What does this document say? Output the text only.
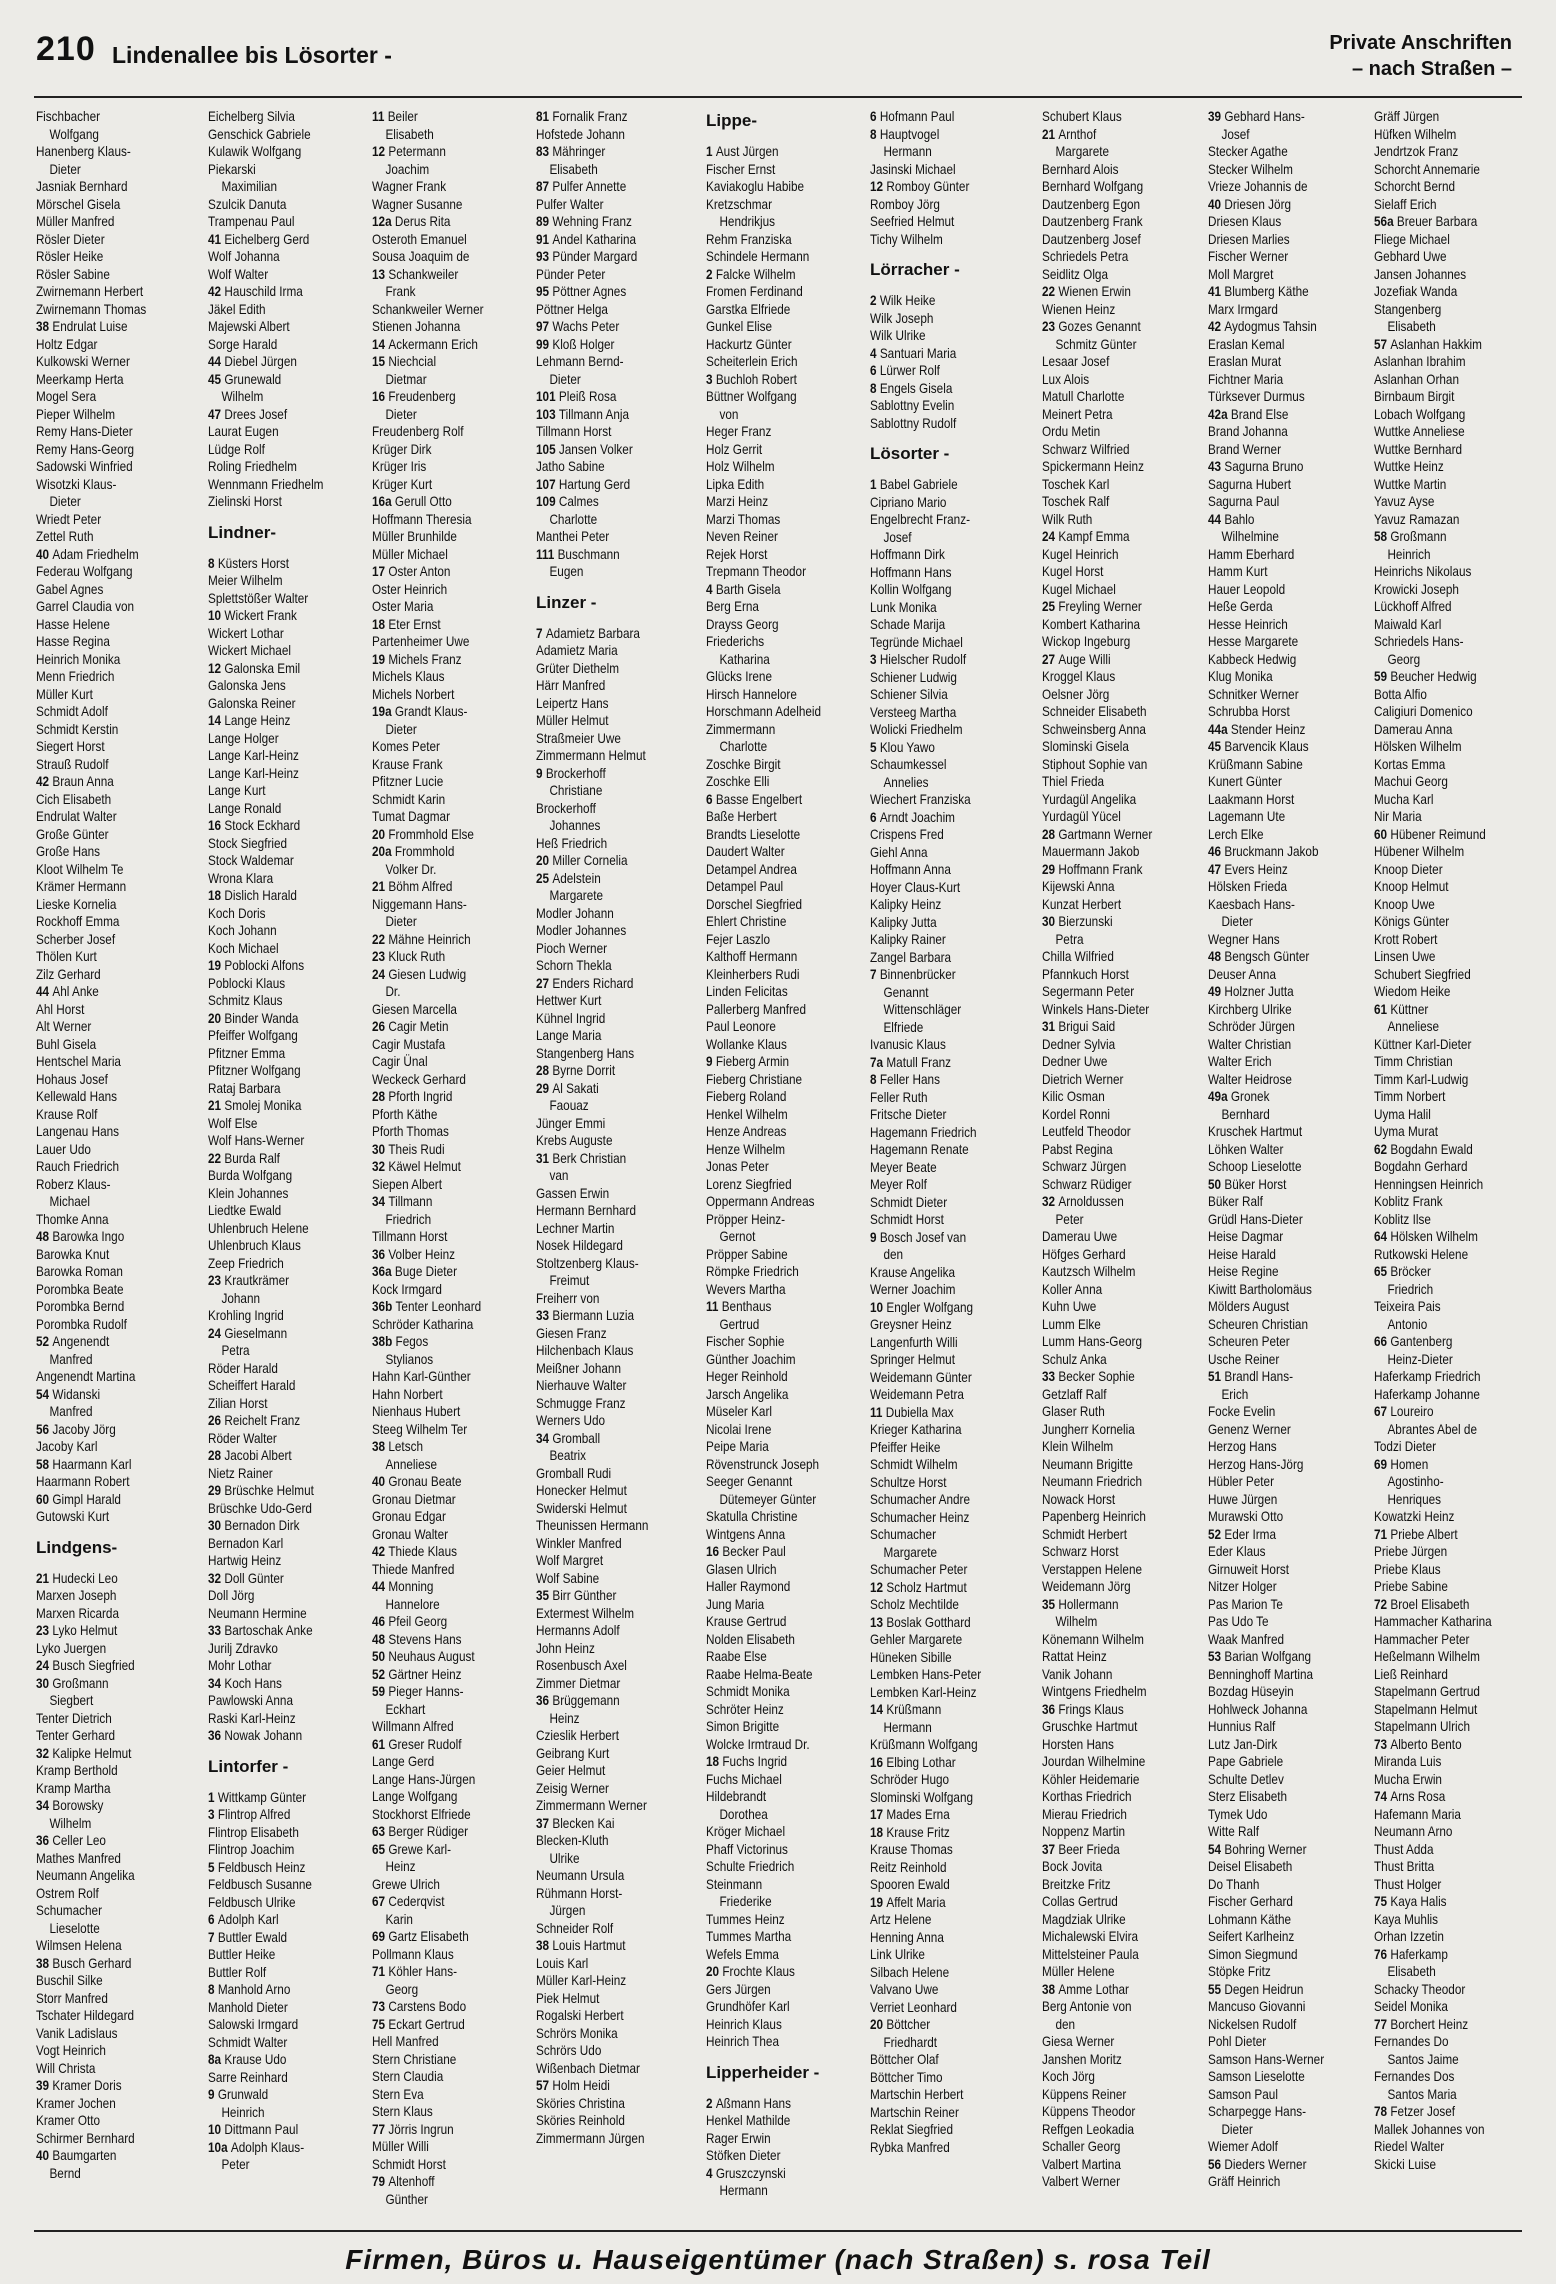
210 Lindenallee bis Lösorter -	Private Anschriften
– nach Straßen –
Fischbacher
Wolfgang
Hanenberg Klaus-
Dieter
Jasniak Bernhard
Mörschel Gisela
Müller Manfred
Rösler Dieter
Rösler Heike
Rösler Sabine
Zwirnemann Herbert
Zwirnemann Thomas
38 Endrulat Luise
Holtz Edgar
Kulkowski Werner
Meerkamp Herta
Mogel Sera
Pieper Wilhelm
Remy Hans-Dieter
Remy Hans-Georg
Sadowski Winfried
Wisotzki Klaus-
Dieter
Wriedt Peter
Zettel Ruth
40 Adam Friedhelm
Federau Wolfgang
Gabel Agnes
Garrel Claudia von
Hasse Helene
Hasse Regina
Heinrich Monika
Menn Friedrich
Müller Kurt
Schmidt Adolf
Schmidt Kerstin
Siegert Horst
Strauß Rudolf
42 Braun Anna
Cich Elisabeth
Endrulat Walter
Große Günter
Große Hans
Kloot Wilhelm Te
Krämer Hermann
Lieske Kornelia
Rockhoff Emma
Scherber Josef
Thölen Kurt
Zilz Gerhard
44 Ahl Anke
Ahl Horst
Alt Werner
Buhl Gisela
Hentschel Maria
Hohaus Josef
Kellewald Hans
Krause Rolf
Langenau Hans
Lauer Udo
Rauch Friedrich
Roberz Klaus-
Michael
Thomke Anna
48 Barowka Ingo
Barowka Knut
Barowka Roman
Porombka Beate
Porombka Bernd
Porombka Rudolf
52 Angenendt
Manfred
Angenendt Martina
54 Widanski
Manfred
56 Jacoby Jörg
Jacoby Karl
58 Haarmann Karl
Haarmann Robert
60 Gimpl Harald
Gutowski Kurt
Lindgens-
21 Hudecki Leo
Marxen Joseph
Marxen Ricarda
23 Lyko Helmut
Lyko Juergen
24 Busch Siegfried
30 Großmann
Siegbert
Tenter Dietrich
Tenter Gerhard
32 Kalipke Helmut
Kramp Berthold
Kramp Martha
34 Borowsky
Wilhelm
36 Celler Leo
Mathes Manfred
Neumann Angelika
Ostrem Rolf
Schumacher
Lieselotte
Wilmsen Helena
38 Busch Gerhard
Buschil Silke
Storr Manfred
Tschater Hildegard
Vanik Ladislaus
Vogt Heinrich
Will Christa
39 Kramer Doris
Kramer Jochen
Kramer Otto
Schirmer Bernhard
40 Baumgarten
Bernd
Eichelberg Silvia
Genschick Gabriele
Kulawik Wolfgang
Piekarski
Maximilian
Szulcik Danuta
Trampenau Paul
41 Eichelberg Gerd
Wolf Johanna
Wolf Walter
42 Hauschild Irma
Jäkel Edith
Majewski Albert
Sorge Harald
44 Diebel Jürgen
45 Grunewald
Wilhelm
47 Drees Josef
Laurat Eugen
Lüdge Rolf
Roling Friedhelm
Wennmann Friedhelm
Zielinski Horst
Lindner-
8 Küsters Horst
Meier Wilhelm
Splettstößer Walter
10 Wickert Frank
Wickert Lothar
Wickert Michael
12 Galonska Emil
Galonska Jens
Galonska Reiner
14 Lange Heinz
Lange Holger
Lange Karl-Heinz
Lange Karl-Heinz
Lange Kurt
Lange Ronald
16 Stock Eckhard
Stock Siegfried
Stock Waldemar
Wrona Klara
18 Dislich Harald
Koch Doris
Koch Johann
Koch Michael
19 Poblocki Alfons
Poblocki Klaus
Schmitz Klaus
20 Binder Wanda
Pfeiffer Wolfgang
Pfitzner Emma
Pfitzner Wolfgang
Rataj Barbara
21 Smolej Monika
Wolf Else
Wolf Hans-Werner
22 Burda Ralf
Burda Wolfgang
Klein Johannes
Liedtke Ewald
Uhlenbruch Helene
Uhlenbruch Klaus
Zeep Friedrich
23 Krautkrämer
Johann
Krohling Ingrid
24 Gieselmann
Petra
Röder Harald
Scheiffert Harald
Zilian Horst
26 Reichelt Franz
Röder Walter
28 Jacobi Albert
Nietz Rainer
29 Brüschke Helmut
Brüschke Udo-Gerd
30 Bernadon Dirk
Bernadon Karl
Hartwig Heinz
32 Doll Günter
Doll Jörg
Neumann Hermine
33 Bartoschak Anke
Jurilj Zdravko
Mohr Lothar
34 Koch Hans
Pawlowski Anna
Raski Karl-Heinz
36 Nowak Johann
Lintorfer -
1 Wittkamp Günter
3 Flintrop Alfred
Flintrop Elisabeth
Flintrop Joachim
5 Feldbusch Heinz
Feldbusch Susanne
Feldbusch Ulrike
6 Adolph Karl
7 Buttler Ewald
Buttler Heike
Buttler Rolf
8 Manhold Arno
Manhold Dieter
Salowski Irmgard
Schmidt Walter
8a Krause Udo
Sarre Reinhard
9 Grunwald
Heinrich
10 Dittmann Paul
10a Adolph Klaus-
Peter
11 Beiler
Elisabeth
12 Petermann
Joachim
Wagner Frank
Wagner Susanne
12a Derus Rita
Osteroth Emanuel
Sousa Joaquim de
13 Schankweiler
Frank
Schankweiler Werner
Stienen Johanna
14 Ackermann Erich
15 Niechcial
Dietmar
16 Freudenberg
Dieter
Freudenberg Rolf
Krüger Dirk
Krüger Iris
Krüger Kurt
16a Gerull Otto
Hoffmann Theresia
Müller Brunhilde
Müller Michael
17 Oster Anton
Oster Heinrich
Oster Maria
18 Eter Ernst
Partenheimer Uwe
19 Michels Franz
Michels Klaus
Michels Norbert
19a Grandt Klaus-
Dieter
Komes Peter
Krause Frank
Pfitzner Lucie
Schmidt Karin
Tumat Dagmar
20 Frommhold Else
20a Frommhold
Volker Dr.
21 Böhm Alfred
Niggemann Hans-
Dieter
22 Mähne Heinrich
23 Kluck Ruth
24 Giesen Ludwig
Dr.
Giesen Marcella
26 Cagir Metin
Cagir Mustafa
Cagir Ünal
Weckeck Gerhard
28 Pforth Ingrid
Pforth Käthe
Pforth Thomas
30 Theis Rudi
32 Käwel Helmut
Siepen Albert
34 Tillmann
Friedrich
Tillmann Horst
36 Volber Heinz
36a Buge Dieter
Kock Irmgard
36b Tenter Leonhard
Schröder Katharina
38b Fegos
Stylianos
Hahn Karl-Günther
Hahn Norbert
Nienhaus Hubert
Steeg Wilhelm Ter
38 Letsch
Anneliese
40 Gronau Beate
Gronau Dietmar
Gronau Edgar
Gronau Walter
42 Thiede Klaus
Thiede Manfred
44 Monning
Hannelore
46 Pfeil Georg
48 Stevens Hans
50 Neuhaus August
52 Gärtner Heinz
59 Pieger Hanns-
Eckhart
Willmann Alfred
61 Greser Rudolf
Lange Gerd
Lange Hans-Jürgen
Lange Wolfgang
Stockhorst Elfriede
63 Berger Rüdiger
65 Grewe Karl-
Heinz
Grewe Ulrich
67 Cederqvist
Karin
69 Gartz Elisabeth
Pollmann Klaus
71 Köhler Hans-
Georg
73 Carstens Bodo
75 Eckart Gertrud
Hell Manfred
Stern Christiane
Stern Claudia
Stern Eva
Stern Klaus
77 Jörris Ingrun
Müller Willi
Schmidt Horst
79 Altenhoff
Günther
81 Fornalik Franz
Hofstede Johann
83 Mähringer
Elisabeth
87 Pulfer Annette
Pulfer Walter
89 Wehning Franz
91 Andel Katharina
93 Pünder Margard
Pünder Peter
95 Pöttner Agnes
Pöttner Helga
97 Wachs Peter
99 Kloß Holger
Lehmann Bernd-
Dieter
101 Pleiß Rosa
103 Tillmann Anja
Tillmann Horst
105 Jansen Volker
Jatho Sabine
107 Hartung Gerd
109 Calmes
Charlotte
Manthei Peter
111 Buschmann
Eugen
Linzer -
7 Adamietz Barbara
Adamietz Maria
Grüter Diethelm
Härr Manfred
Leipertz Hans
Müller Helmut
Straßmeier Uwe
Zimmermann Helmut
9 Brockerhoff
Christiane
Brockerhoff
Johannes
Heß Friedrich
20 Miller Cornelia
25 Adelstein
Margarete
Modler Johann
Modler Johannes
Pioch Werner
Schorn Thekla
27 Enders Richard
Hettwer Kurt
Kühnel Ingrid
Lange Maria
Stangenberg Hans
28 Byrne Dorrit
29 Al Sakati
Faouaz
Jünger Emmi
Krebs Auguste
31 Berk Christian
van
Gassen Erwin
Hermann Bernhard
Lechner Martin
Nosek Hildegard
Stoltzenberg Klaus-
Freimut
Freiherr von
33 Biermann Luzia
Giesen Franz
Hilchenbach Klaus
Meißner Johann
Nierhauve Walter
Schmugge Franz
Werners Udo
34 Gromball
Beatrix
Gromball Rudi
Honecker Helmut
Swiderski Helmut
Theunissen Hermann
Winkler Manfred
Wolf Margret
Wolf Sabine
35 Birr Günther
Extermest Wilhelm
Hermanns Adolf
John Heinz
Rosenbusch Axel
Zimmer Dietmar
36 Brüggemann
Heinz
Czieslik Herbert
Geibrang Kurt
Geier Helmut
Zeisig Werner
Zimmermann Werner
37 Blecken Kai
Blecken-Kluth
Ulrike
Neumann Ursula
Rühmann Horst-
Jürgen
Schneider Rolf
38 Louis Hartmut
Louis Karl
Müller Karl-Heinz
Piek Helmut
Rogalski Herbert
Schrörs Monika
Schrörs Udo
Wißenbach Dietmar
57 Holm Heidi
Sköries Christina
Sköries Reinhold
Zimmermann Jürgen
Lippe-
1 Aust Jürgen
Fischer Ernst
Kaviakoglu Habibe
Kretzschmar
Hendrikjus
Rehm Franziska
Schindele Hermann
2 Falcke Wilhelm
Fromen Ferdinand
Garstka Elfriede
Gunkel Elise
Hackurtz Günter
Scheiterlein Erich
3 Buchloh Robert
Büttner Wolfgang
von
Heger Franz
Holz Gerrit
Holz Wilhelm
Lipka Edith
Marzi Heinz
Marzi Thomas
Neven Reiner
Rejek Horst
Trepmann Theodor
4 Barth Gisela
Berg Erna
Drayss Georg
Friederichs
Katharina
Glücks Irene
Hirsch Hannelore
Horschmann Adelheid
Zimmermann
Charlotte
Zoschke Birgit
Zoschke Elli
6 Basse Engelbert
Baße Herbert
Brandts Lieselotte
Daudert Walter
Detampel Andrea
Detampel Paul
Dorschel Siegfried
Ehlert Christine
Fejer Laszlo
Kalthoff Hermann
Kleinherbers Rudi
Linden Felicitas
Pallerberg Manfred
Paul Leonore
Wollanke Klaus
9 Fieberg Armin
Fieberg Christiane
Fieberg Roland
Henkel Wilhelm
Henze Andreas
Henze Wilhelm
Jonas Peter
Lorenz Siegfried
Oppermann Andreas
Pröpper Heinz-
Gernot
Pröpper Sabine
Römpke Friedrich
Wevers Martha
11 Benthaus
Gertrud
Fischer Sophie
Günther Joachim
Heger Reinhold
Jarsch Angelika
Müseler Karl
Nicolai Irene
Peipe Maria
Rövenstrunck Joseph
Seeger Genannt
Dütemeyer Günter
Skatulla Christine
Wintgens Anna
16 Becker Paul
Glasen Ulrich
Haller Raymond
Jung Maria
Krause Gertrud
Nolden Elisabeth
Raabe Else
Raabe Helma-Beate
Schmidt Monika
Schröter Heinz
Simon Brigitte
Wolcke Irmtraud Dr.
18 Fuchs Ingrid
Fuchs Michael
Hildebrandt
Dorothea
Kröger Michael
Phaff Victorinus
Schulte Friedrich
Steinmann
Friederike
Tummes Heinz
Tummes Martha
Wefels Emma
20 Frochte Klaus
Gers Jürgen
Grundhöfer Karl
Heinrich Klaus
Heinrich Thea
Lipperheider -
2 Aßmann Hans
Henkel Mathilde
Rager Erwin
Stöfken Dieter
4 Gruszczynski
Hermann
6 Hofmann Paul
8 Hauptvogel
Hermann
Jasinski Michael
12 Romboy Günter
Romboy Jörg
Seefried Helmut
Tichy Wilhelm
Lörracher -
2 Wilk Heike
Wilk Joseph
Wilk Ulrike
4 Santuari Maria
6 Lürwer Rolf
8 Engels Gisela
Sablottny Evelin
Sablottny Rudolf
Lösorter -
1 Babel Gabriele
Cipriano Mario
Engelbrecht Franz-
Josef
Hoffmann Dirk
Hoffmann Hans
Kollin Wolfgang
Lunk Monika
Schade Marija
Tegründe Michael
3 Hielscher Rudolf
Schiener Ludwig
Schiener Silvia
Versteeg Martha
Wolicki Friedhelm
5 Klou Yawo
Schaumkessel
Annelies
Wiechert Franziska
6 Arndt Joachim
Crispens Fred
Giehl Anna
Hoffmann Anna
Hoyer Claus-Kurt
Kalipky Heinz
Kalipky Jutta
Kalipky Rainer
Zangel Barbara
7 Binnenbrücker
Genannt
Wittenschläger
Elfriede
Ivanusic Klaus
7a Matull Franz
8 Feller Hans
Feller Ruth
Fritsche Dieter
Hagemann Friedrich
Hagemann Renate
Meyer Beate
Meyer Rolf
Schmidt Dieter
Schmidt Horst
9 Bosch Josef van
den
Krause Angelika
Werner Joachim
10 Engler Wolfgang
Greysner Heinz
Langenfurth Willi
Springer Helmut
Weidemann Günter
Weidemann Petra
11 Dubiella Max
Krieger Katharina
Pfeiffer Heike
Schmidt Wilhelm
Schultze Horst
Schumacher Andre
Schumacher Heinz
Schumacher
Margarete
Schumacher Peter
12 Scholz Hartmut
Scholz Mechtilde
13 Boslak Gotthard
Gehler Margarete
Hüneken Sibille
Lembken Hans-Peter
Lembken Karl-Heinz
14 Krüßmann
Hermann
Krüßmann Wolfgang
16 Elbing Lothar
Schröder Hugo
Slominski Wolfgang
17 Mades Erna
18 Krause Fritz
Krause Thomas
Reitz Reinhold
Spooren Ewald
19 Affelt Maria
Artz Helene
Henning Anna
Link Ulrike
Silbach Helene
Valvano Uwe
Verriet Leonhard
20 Böttcher
Friedhardt
Böttcher Olaf
Böttcher Timo
Martschin Herbert
Martschin Reiner
Reklat Siegfried
Rybka Manfred
Schubert Klaus
21 Arnthof
Margarete
Bernhard Alois
Bernhard Wolfgang
Dautzenberg Egon
Dautzenberg Frank
Dautzenberg Josef
Schriedels Petra
Seidlitz Olga
22 Wienen Erwin
Wienen Heinz
23 Gozes Genannt
Schmitz Günter
Lesaar Josef
Lux Alois
Matull Charlotte
Meinert Petra
Ordu Metin
Schwarz Wilfried
Spickermann Heinz
Toschek Karl
Toschek Ralf
Wilk Ruth
24 Kampf Emma
Kugel Heinrich
Kugel Horst
Kugel Michael
25 Freyling Werner
Kombert Katharina
Wickop Ingeburg
27 Auge Willi
Kroggel Klaus
Oelsner Jörg
Schneider Elisabeth
Schweinsberg Anna
Slominski Gisela
Stiphout Sophie van
Thiel Frieda
Yurdagül Angelika
Yurdagül Yücel
28 Gartmann Werner
Mauermann Jakob
29 Hoffmann Frank
Kijewski Anna
Kunzat Herbert
30 Bierzunski
Petra
Chilla Wilfried
Pfannkuch Horst
Segermann Peter
Winkels Hans-Dieter
31 Brigui Said
Dedner Sylvia
Dedner Uwe
Dietrich Werner
Kilic Osman
Kordel Ronni
Leutfeld Theodor
Pabst Regina
Schwarz Jürgen
Schwarz Rüdiger
32 Arnoldussen
Peter
Damerau Uwe
Höfges Gerhard
Kautzsch Wilhelm
Koller Anna
Kuhn Uwe
Lumm Elke
Lumm Hans-Georg
Schulz Anka
33 Becker Sophie
Getzlaff Ralf
Glaser Ruth
Jungherr Kornelia
Klein Wilhelm
Neumann Brigitte
Neumann Friedrich
Nowack Horst
Papenberg Heinrich
Schmidt Herbert
Schwarz Horst
Verstappen Helene
Weidemann Jörg
35 Hollermann
Wilhelm
Könemann Wilhelm
Rattat Heinz
Vanik Johann
Wintgens Friedhelm
36 Frings Klaus
Gruschke Hartmut
Horsten Hans
Jourdan Wilhelmine
Köhler Heidemarie
Korthas Friedrich
Mierau Friedrich
Noppenz Martin
37 Beer Frieda
Bock Jovita
Breitzke Fritz
Collas Gertrud
Magdziak Ulrike
Michalewski Elvira
Mittelsteiner Paula
Müller Helene
38 Amme Lothar
Berg Antonie von
den
Giesa Werner
Janshen Moritz
Koch Jörg
Küppens Reiner
Küppens Theodor
Reffgen Leokadia
Schaller Georg
Valbert Martina
Valbert Werner
39 Gebhard Hans-
Josef
Stecker Agathe
Stecker Wilhelm
Vrieze Johannis de
40 Driesen Jörg
Driesen Klaus
Driesen Marlies
Fischer Werner
Moll Margret
41 Blumberg Käthe
Marx Irmgard
42 Aydogmus Tahsin
Eraslan Kemal
Eraslan Murat
Fichtner Maria
Türksever Durmus
42a Brand Else
Brand Johanna
Brand Werner
43 Sagurna Bruno
Sagurna Hubert
Sagurna Paul
44 Bahlo
Wilhelmine
Hamm Eberhard
Hamm Kurt
Hauer Leopold
Heße Gerda
Hesse Heinrich
Hesse Margarete
Kabbeck Hedwig
Klug Monika
Schnitker Werner
Schrubba Horst
44a Stender Heinz
45 Barvencik Klaus
Krüßmann Sabine
Kunert Günter
Laakmann Horst
Lagemann Ute
Lerch Elke
46 Bruckmann Jakob
47 Evers Heinz
Hölsken Frieda
Kaesbach Hans-
Dieter
Wegner Hans
48 Bengsch Günter
Deuser Anna
49 Holzner Jutta
Kirchberg Ulrike
Schröder Jürgen
Walter Christian
Walter Erich
Walter Heidrose
49a Gronek
Bernhard
Kruschek Hartmut
Löhken Walter
Schoop Lieselotte
50 Büker Horst
Büker Ralf
Grüdl Hans-Dieter
Heise Dagmar
Heise Harald
Heise Regine
Kiwitt Bartholomäus
Mölders August
Scheuren Christian
Scheuren Peter
Usche Reiner
51 Brandl Hans-
Erich
Focke Evelin
Genenz Werner
Herzog Hans
Herzog Hans-Jörg
Hübler Peter
Huwe Jürgen
Murawski Otto
52 Eder Irma
Eder Klaus
Girnuweit Horst
Nitzer Holger
Pas Marion Te
Pas Udo Te
Waak Manfred
53 Barian Wolfgang
Benninghoff Martina
Bozdag Hüseyin
Hohlweck Johanna
Hunnius Ralf
Lutz Jan-Dirk
Pape Gabriele
Schulte Detlev
Sterz Elisabeth
Tymek Udo
Witte Ralf
54 Bohring Werner
Deisel Elisabeth
Do Thanh
Fischer Gerhard
Lohmann Käthe
Seifert Karlheinz
Simon Siegmund
Stöpke Fritz
55 Degen Heidrun
Mancuso Giovanni
Nickelsen Rudolf
Pohl Dieter
Samson Hans-Werner
Samson Lieselotte
Samson Paul
Scharpegge Hans-
Dieter
Wiemer Adolf
56 Dieders Werner
Gräff Heinrich
Gräff Jürgen
Hüfken Wilhelm
Jendrtzok Franz
Schorcht Annemarie
Schorcht Bernd
Sielaff Erich
56a Breuer Barbara
Fliege Michael
Gebhard Uwe
Jansen Johannes
Jozefiak Wanda
Stangenberg
Elisabeth
57 Aslanhan Hakkim
Aslanhan Ibrahim
Aslanhan Orhan
Birnbaum Birgit
Lobach Wolfgang
Wuttke Anneliese
Wuttke Bernhard
Wuttke Heinz
Wuttke Martin
Yavuz Ayse
Yavuz Ramazan
58 Großmann
Heinrich
Heinrichs Nikolaus
Krowicki Joseph
Lückhoff Alfred
Maiwald Karl
Schriedels Hans-
Georg
59 Beucher Hedwig
Botta Alfio
Caligiuri Domenico
Damerau Anna
Hölsken Wilhelm
Kortas Emma
Machui Georg
Mucha Karl
Nir Maria
60 Hübener Reimund
Hübener Wilhelm
Knoop Dieter
Knoop Helmut
Knoop Uwe
Königs Günter
Krott Robert
Linsen Uwe
Schubert Siegfried
Wiedom Heike
61 Küttner
Anneliese
Küttner Karl-Dieter
Timm Christian
Timm Karl-Ludwig
Timm Norbert
Uyma Halil
Uyma Murat
62 Bogdahn Ewald
Bogdahn Gerhard
Henningsen Heinrich
Koblitz Frank
Koblitz Ilse
64 Hölsken Wilhelm
Rutkowski Helene
65 Bröcker
Friedrich
Teixeira Pais
Antonio
66 Gantenberg
Heinz-Dieter
Haferkamp Friedrich
Haferkamp Johanne
67 Loureiro
Abrantes Abel de
Todzi Dieter
69 Homen
Agostinho-
Henriques
Kowatzki Heinz
71 Priebe Albert
Priebe Jürgen
Priebe Klaus
Priebe Sabine
72 Broel Elisabeth
Hammacher Katharina
Hammacher Peter
Heßelmann Wilhelm
Ließ Reinhard
Stapelmann Gertrud
Stapelmann Helmut
Stapelmann Ulrich
73 Alberto Bento
Miranda Luis
Mucha Erwin
74 Arns Rosa
Hafemann Maria
Neumann Arno
Thust Adda
Thust Britta
Thust Holger
75 Kaya Halis
Kaya Muhlis
Orhan Izzetin
76 Haferkamp
Elisabeth
Schacky Theodor
Seidel Monika
77 Borchert Heinz
Fernandes Do
Santos Jaime
Fernandes Dos
Santos Maria
78 Fetzer Josef
Mallek Johannes von
Riedel Walter
Skicki Luise
Firmen, Büros u. Hauseigentümer (nach Straßen) s. rosa Teil
